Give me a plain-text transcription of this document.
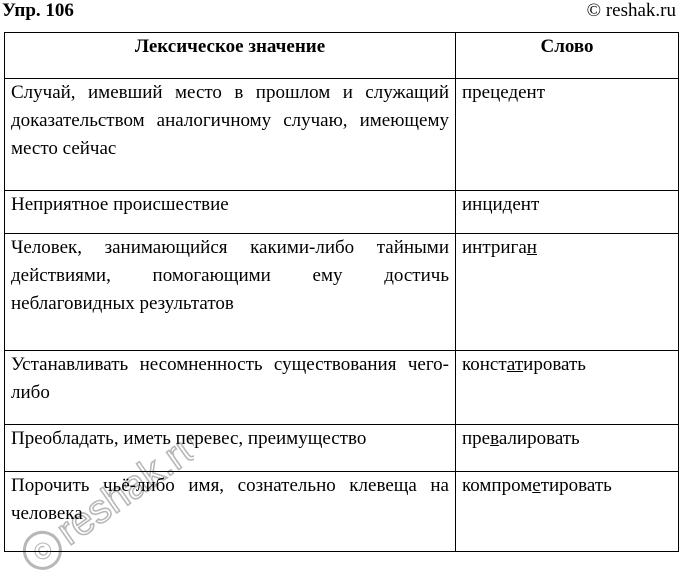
Упр. 106	© reshak.ru
Лексическое значение	Слово
Случай, имевший место в прошлом и служащий доказательством аналогичному случаю, имеющему место сейчас	прецедент
Неприятное происшествие	инцидент
Человек, занимающийся какими-либо тайными действиями, помогающими ему достичь неблаговидных результатов	интриган
Устанавливать несомненность существования чего-либо	констатировать
Преобладать, иметь перевес, преимущество	превалировать
Порочить чьё-либо имя, сознательно клевеща на человека	компрометировать
©
reshak.ru
